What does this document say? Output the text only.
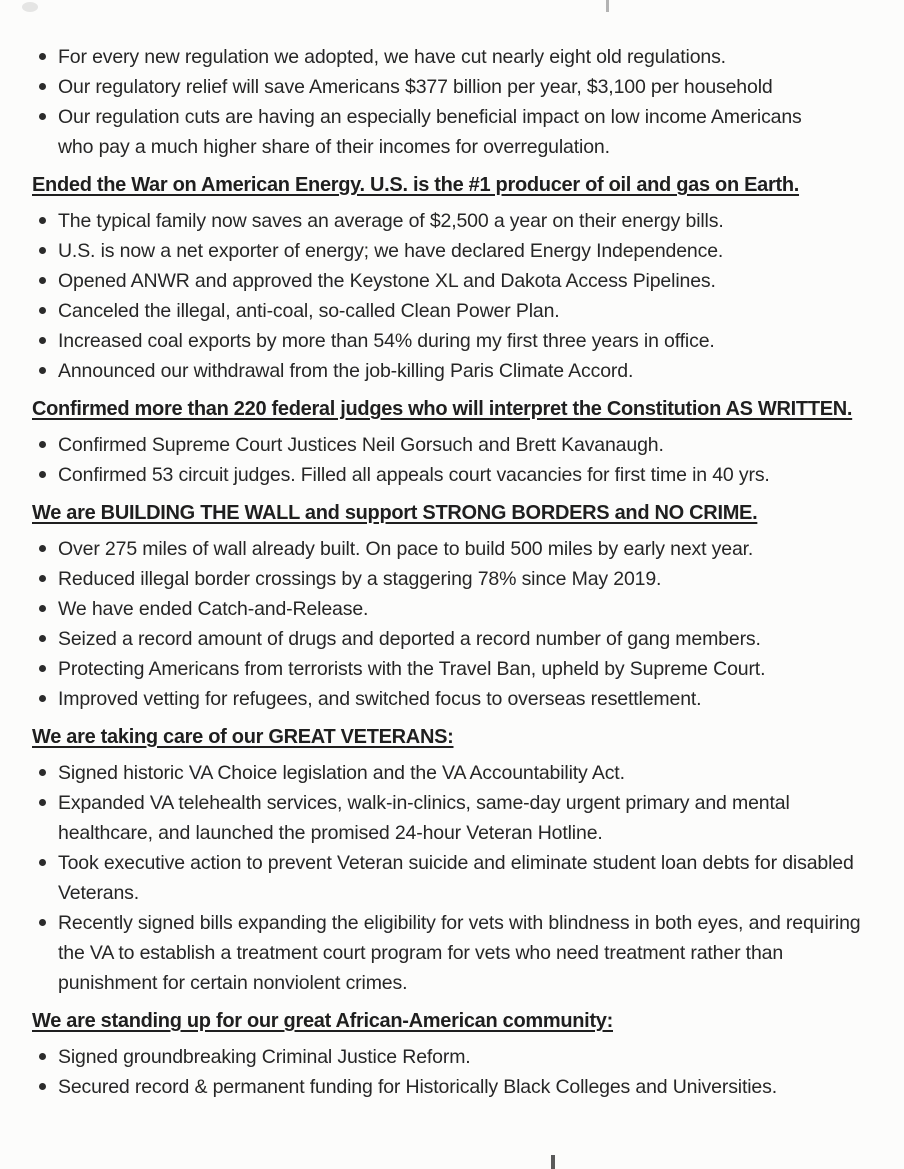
For every new regulation we adopted, we have cut nearly eight old regulations.
Our regulatory relief will save Americans $377 billion per year, $3,100 per household
Our regulation cuts are having an especially beneficial impact on low income Americans who pay a much higher share of their incomes for overregulation.
Ended the War on American Energy. U.S. is the #1 producer of oil and gas on Earth.
The typical family now saves an average of $2,500 a year on their energy bills.
U.S. is now a net exporter of energy; we have declared Energy Independence.
Opened ANWR and approved the Keystone XL and Dakota Access Pipelines.
Canceled the illegal, anti-coal, so-called Clean Power Plan.
Increased coal exports by more than 54% during my first three years in office.
Announced our withdrawal from the job-killing Paris Climate Accord.
Confirmed more than 220 federal judges who will interpret the Constitution AS WRITTEN.
Confirmed Supreme Court Justices Neil Gorsuch and Brett Kavanaugh.
Confirmed 53 circuit judges. Filled all appeals court vacancies for first time in 40 yrs.
We are BUILDING THE WALL and support STRONG BORDERS and NO CRIME.
Over 275 miles of wall already built. On pace to build 500 miles by early next year.
Reduced illegal border crossings by a staggering 78% since May 2019.
We have ended Catch-and-Release.
Seized a record amount of drugs and deported a record number of gang members.
Protecting Americans from terrorists with the Travel Ban, upheld by Supreme Court.
Improved vetting for refugees, and switched focus to overseas resettlement.
We are taking care of our GREAT VETERANS:
Signed historic VA Choice legislation and the VA Accountability Act.
Expanded VA telehealth services, walk-in-clinics, same-day urgent primary and mental healthcare, and launched the promised 24-hour Veteran Hotline.
Took executive action to prevent Veteran suicide and eliminate student loan debts for disabled Veterans.
Recently signed bills expanding the eligibility for vets with blindness in both eyes, and requiring the VA to establish a treatment court program for vets who need treatment rather than punishment for certain nonviolent crimes.
We are standing up for our great African-American community:
Signed groundbreaking Criminal Justice Reform.
Secured record & permanent funding for Historically Black Colleges and Universities.
